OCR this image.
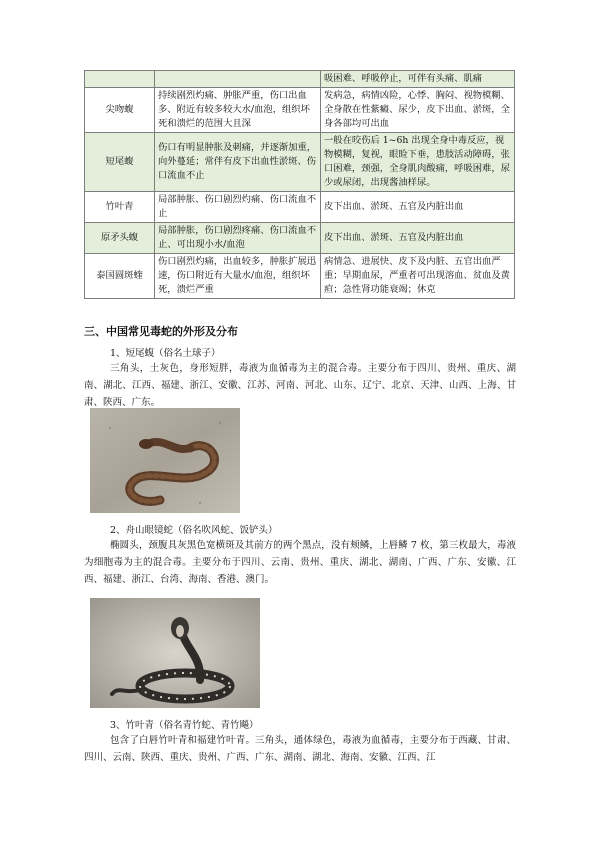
		吸困难、呼吸停止，可伴有头痛、肌痛
尖吻蝮	持续剧烈灼痛、肿胀严重，伤口出血多、附近有较多较大水/血泡，组织坏死和溃烂的范围大且深	发病急，病情凶险，心悸、胸闷、视物模糊、全身散在性紫癜、尿少，皮下出血、淤斑，全身各部均可出血
短尾蝮	伤口有明显肿胀及刺痛，并逐渐加重，向外蔓延；常伴有皮下出血性淤斑、伤口流血不止	一般在咬伤后 1~6h 出现全身中毒反应，视物模糊，复视，眼睑下垂，患肢活动障碍，张口困难，颈强，全身肌肉酸痛，呼吸困难，尿少或尿闭，出现酱油样尿。
竹叶青	局部肿胀、伤口剧烈灼痛、伤口流血不止	皮下出血、淤斑、五官及内脏出血
原矛头蝮	局部肿胀，伤口剧烈疼痛、伤口流血不止、可出现小水/血泡	皮下出血、淤斑、五官及内脏出血
泰国圆斑蝰	伤口剧烈灼痛，出血较多，肿胀扩展迅速，伤口附近有大量水/血泡，组织坏死，溃烂严重	病情急、进展快、皮下及内脏、五官出血严重；早期血尿，严重者可出现溶血、贫血及黄疸；急性肾功能衰竭；休克
三、中国常见毒蛇的外形及分布
1、短尾蝮（俗名土球子）
三角头，土灰色，身形短胖，毒液为血循毒为主的混合毒。主要分布于四川、贵州、重庆、湖南、湖北、江西、福建、浙江、安徽、江苏、河南、河北、山东、辽宁、北京、天津、山西、上海、甘肃、陕西、广东。
2、舟山眼镜蛇（俗名吹风蛇、饭铲头）
椭圆头，颈腹具灰黑色宽横斑及其前方的两个黑点，没有颊鳞，上唇鳞 7 枚，第三枚最大，毒液为细胞毒为主的混合毒。主要分布于四川、云南、贵州、重庆、湖北、湖南、广西、广东、安徽、江西、福建、浙江、台湾、海南、香港、澳门。
3、竹叶青（俗名青竹蛇、青竹飚）
包含了白唇竹叶青和福建竹叶青。三角头，通体绿色，毒液为血循毒，主要分布于西藏、甘肃、四川、云南、陕西、重庆、贵州、广西、广东、湖南、湖北、海南、安徽、江西、江
